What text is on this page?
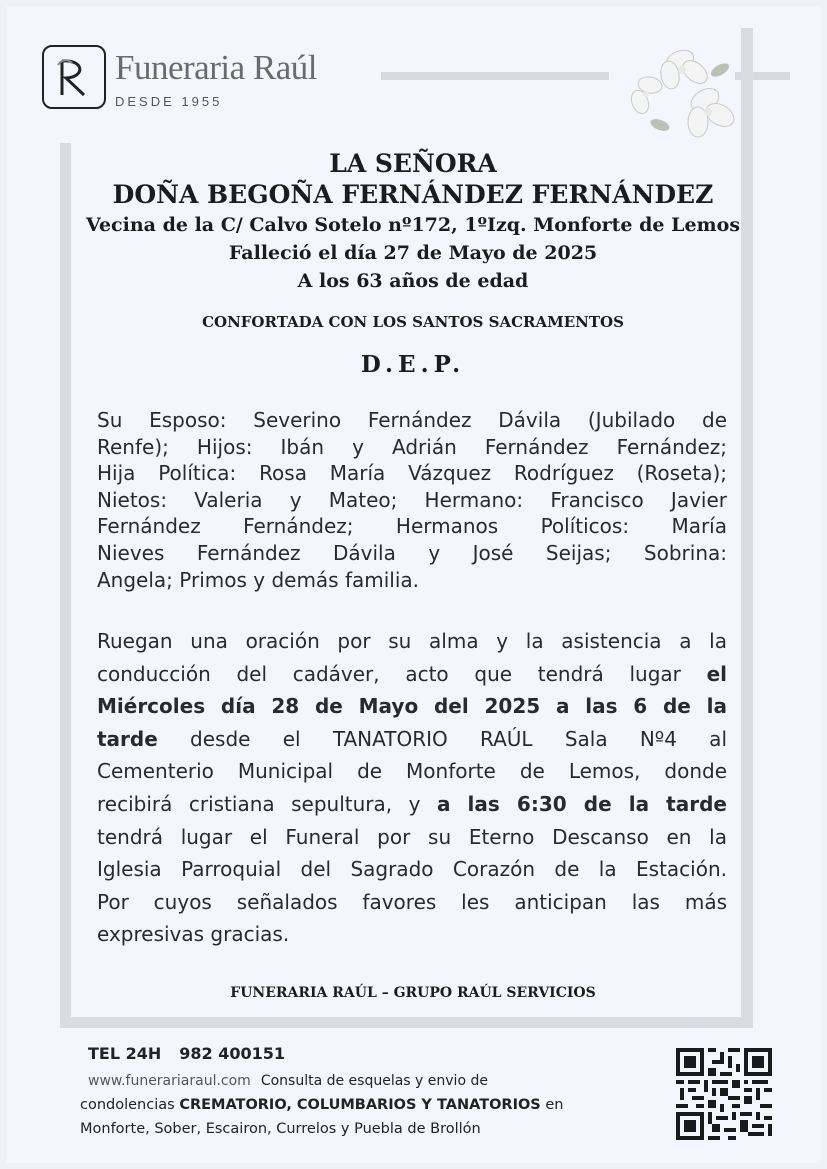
Funeraria Raúl
DESDE 1955
LA SEÑORA
DOÑA BEGOÑA FERNÁNDEZ FERNÁNDEZ
Vecina de la C/ Calvo Sotelo nº172, 1ºIzq. Monforte de Lemos
Falleció el día 27 de Mayo de 2025
A los 63 años de edad
CONFORTADA CON LOS SANTOS SACRAMENTOS
D.E.P.
Su Esposo: Severino Fernández Dávila (Jubilado de
Renfe); Hijos: Ibán y Adrián Fernández Fernández;
Hija Política: Rosa María Vázquez Rodríguez (Roseta);
Nietos: Valeria y Mateo; Hermano: Francisco Javier
Fernández Fernández; Hermanos Políticos: María
Nieves Fernández Dávila y José Seijas; Sobrina:
Angela; Primos y demás familia.
Ruegan una oración por su alma y la asistencia a la
conducción del cadáver, acto que tendrá lugar el
Miércoles día 28 de Mayo del 2025 a las 6 de la
tarde desde el TANATORIO RAÚL Sala Nº4 al
Cementerio Municipal de Monforte de Lemos, donde
recibirá cristiana sepultura, y a las 6:30 de la tarde
tendrá lugar el Funeral por su Eterno Descanso en la
Iglesia Parroquial del Sagrado Corazón de la Estación.
Por cuyos señalados favores les anticipan las más
expresivas gracias.
FUNERARIA RAÚL – GRUPO RAÚL SERVICIOS
TEL 24H 982 400151
www.funerariaraul.com Consulta de esquelas y envio de
condolencias CREMATORIO, COLUMBARIOS Y TANATORIOS en
Monforte, Sober, Escairon, Currelos y Puebla de Brollón
